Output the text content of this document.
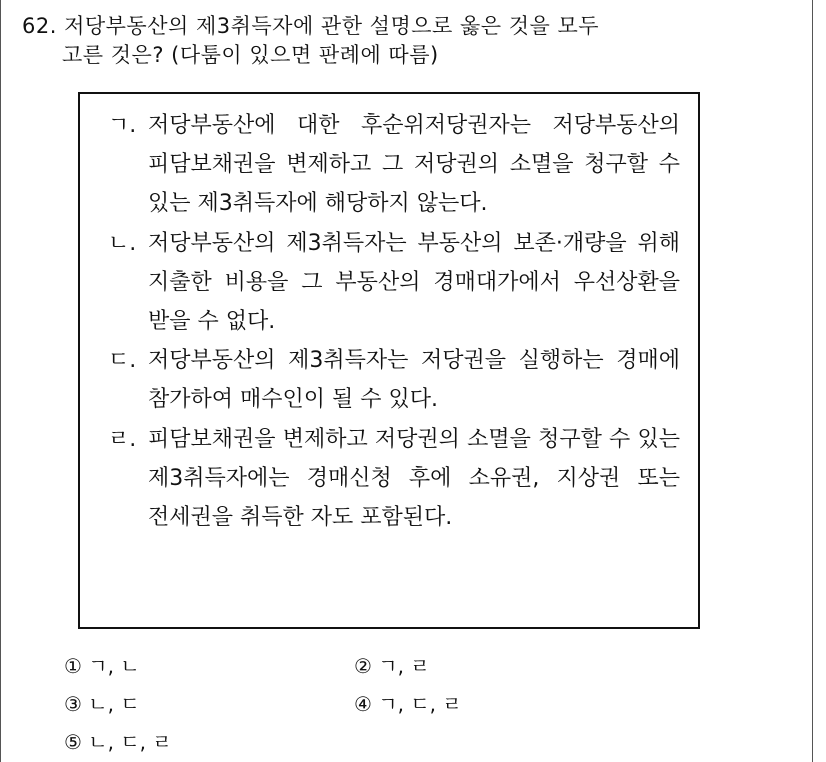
62. 저당부동산의 제3취득자에 관한 설명으로 옳은 것을 모두
고른 것은? (다툼이 있으면 판례에 따름)
ㄱ. 저당부동산에 대한 후순위저당권자는 저당부동산의 피담보채권을 변제하고 그 저당권의 소멸을 청구할 수 있는 제3취득자에 해당하지 않는다.
ㄴ. 저당부동산의 제3취득자는 부동산의 보존·개량을 위해 지출한 비용을 그 부동산의 경매대가에서 우선상환을 받을 수 없다.
ㄷ. 저당부동산의 제3취득자는 저당권을 실행하는 경매에 참가하여 매수인이 될 수 있다.
ㄹ. 피담보채권을 변제하고 저당권의 소멸을 청구할 수 있는 제3취득자에는 경매신청 후에 소유권, 지상권 또는 전세권을 취득한 자도 포함된다.
① ㄱ, ㄴ	② ㄱ, ㄹ
③ ㄴ, ㄷ	④ ㄱ, ㄷ, ㄹ
⑤ ㄴ, ㄷ, ㄹ
